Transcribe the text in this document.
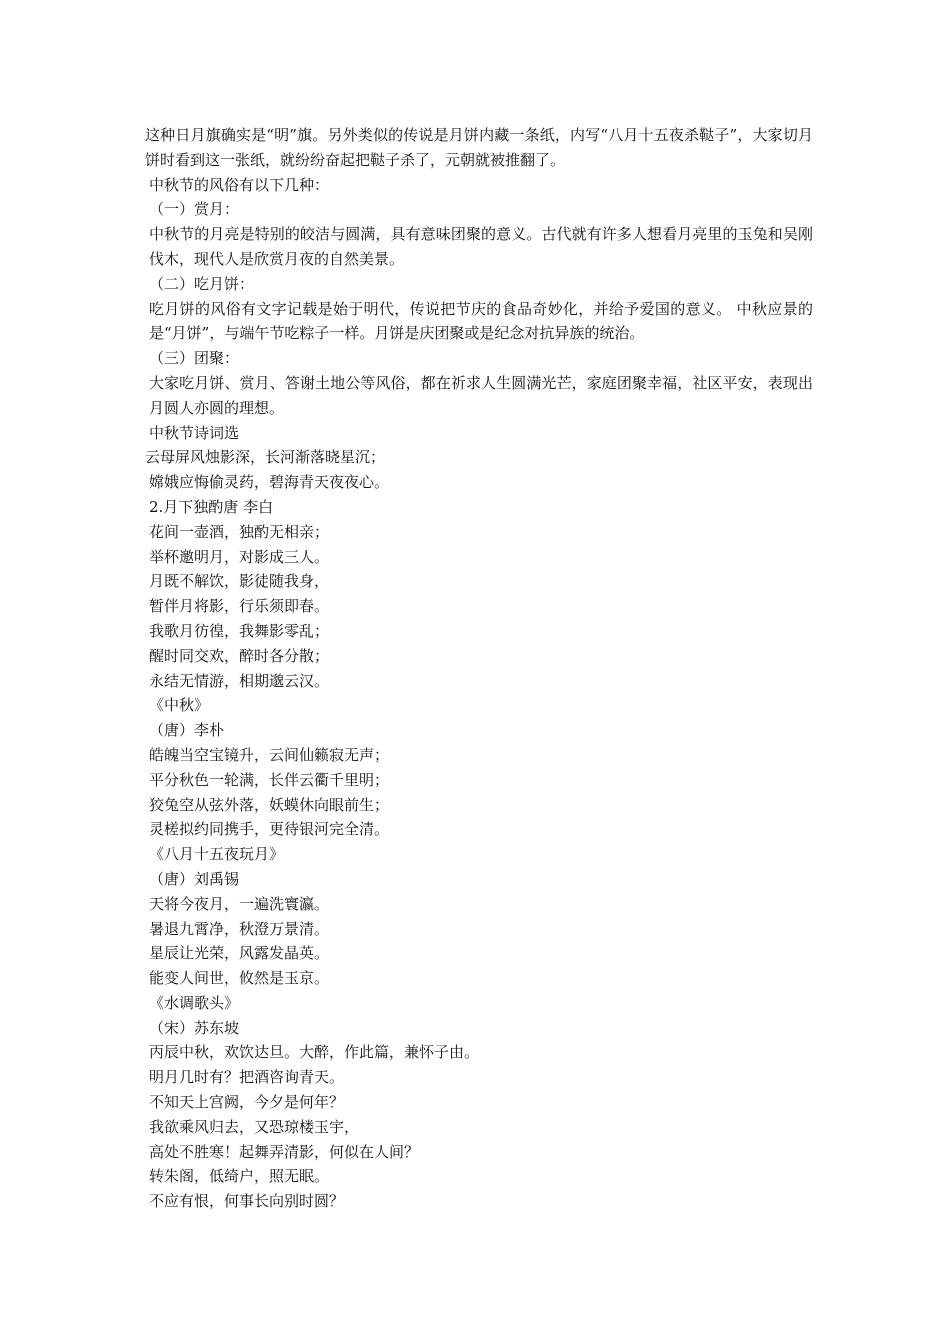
这种日月旗确实是“明”旗。另外类似的传说是月饼内藏一条纸，内写“八月十五夜杀鞑子”，大家切月饼时看到这一张纸，就纷纷奋起把鞑子杀了，元朝就被推翻了。
中秋节的风俗有以下几种：
（一）赏月：
中秋节的月亮是特别的皎洁与圆满，具有意味团聚的意义。古代就有许多人想看月亮里的玉兔和吴刚伐木，现代人是欣赏月夜的自然美景。
（二）吃月饼：
吃月饼的风俗有文字记载是始于明代，传说把节庆的食品奇妙化，并给予爱国的意义。 中秋应景的是“月饼”，与端午节吃粽子一样。月饼是庆团聚或是纪念对抗异族的统治。
（三）团聚：
大家吃月饼、赏月、答谢土地公等风俗，都在祈求人生圆满光芒，家庭团聚幸福，社区平安，表现出月圆人亦圆的理想。
中秋节诗词选
云母屏风烛影深，长河渐落晓星沉；
嫦娥应悔偷灵药，碧海青天夜夜心。
2.月下独酌唐 李白
花间一壶酒，独酌无相亲；
举杯邀明月，对影成三人。
月既不解饮，影徒随我身，
暂伴月将影，行乐须即春。
我歌月彷徨，我舞影零乱；
醒时同交欢，醉时各分散；
永结无情游，相期邈云汉。
《中秋》
（唐）李朴
皓魄当空宝镜升，云间仙籁寂无声；
平分秋色一轮满，长伴云衢千里明；
狡兔空从弦外落，妖蟆休向眼前生；
灵槎拟约同携手，更待银河完全清。
《八月十五夜玩月》
（唐）刘禹锡
天将今夜月，一遍洗寰瀛。
暑退九霄净，秋澄万景清。
星辰让光荣，风露发晶英。
能变人间世，攸然是玉京。
《水调歌头》
（宋）苏东坡
丙辰中秋，欢饮达旦。大醉，作此篇，兼怀子由。
明月几时有？把酒咨询青天。
不知天上宫阙，今夕是何年？
我欲乘风归去，又恐琼楼玉宇，
高处不胜寒！起舞弄清影，何似在人间？
转朱阁，低绮户，照无眠。
不应有恨，何事长向别时圆？
